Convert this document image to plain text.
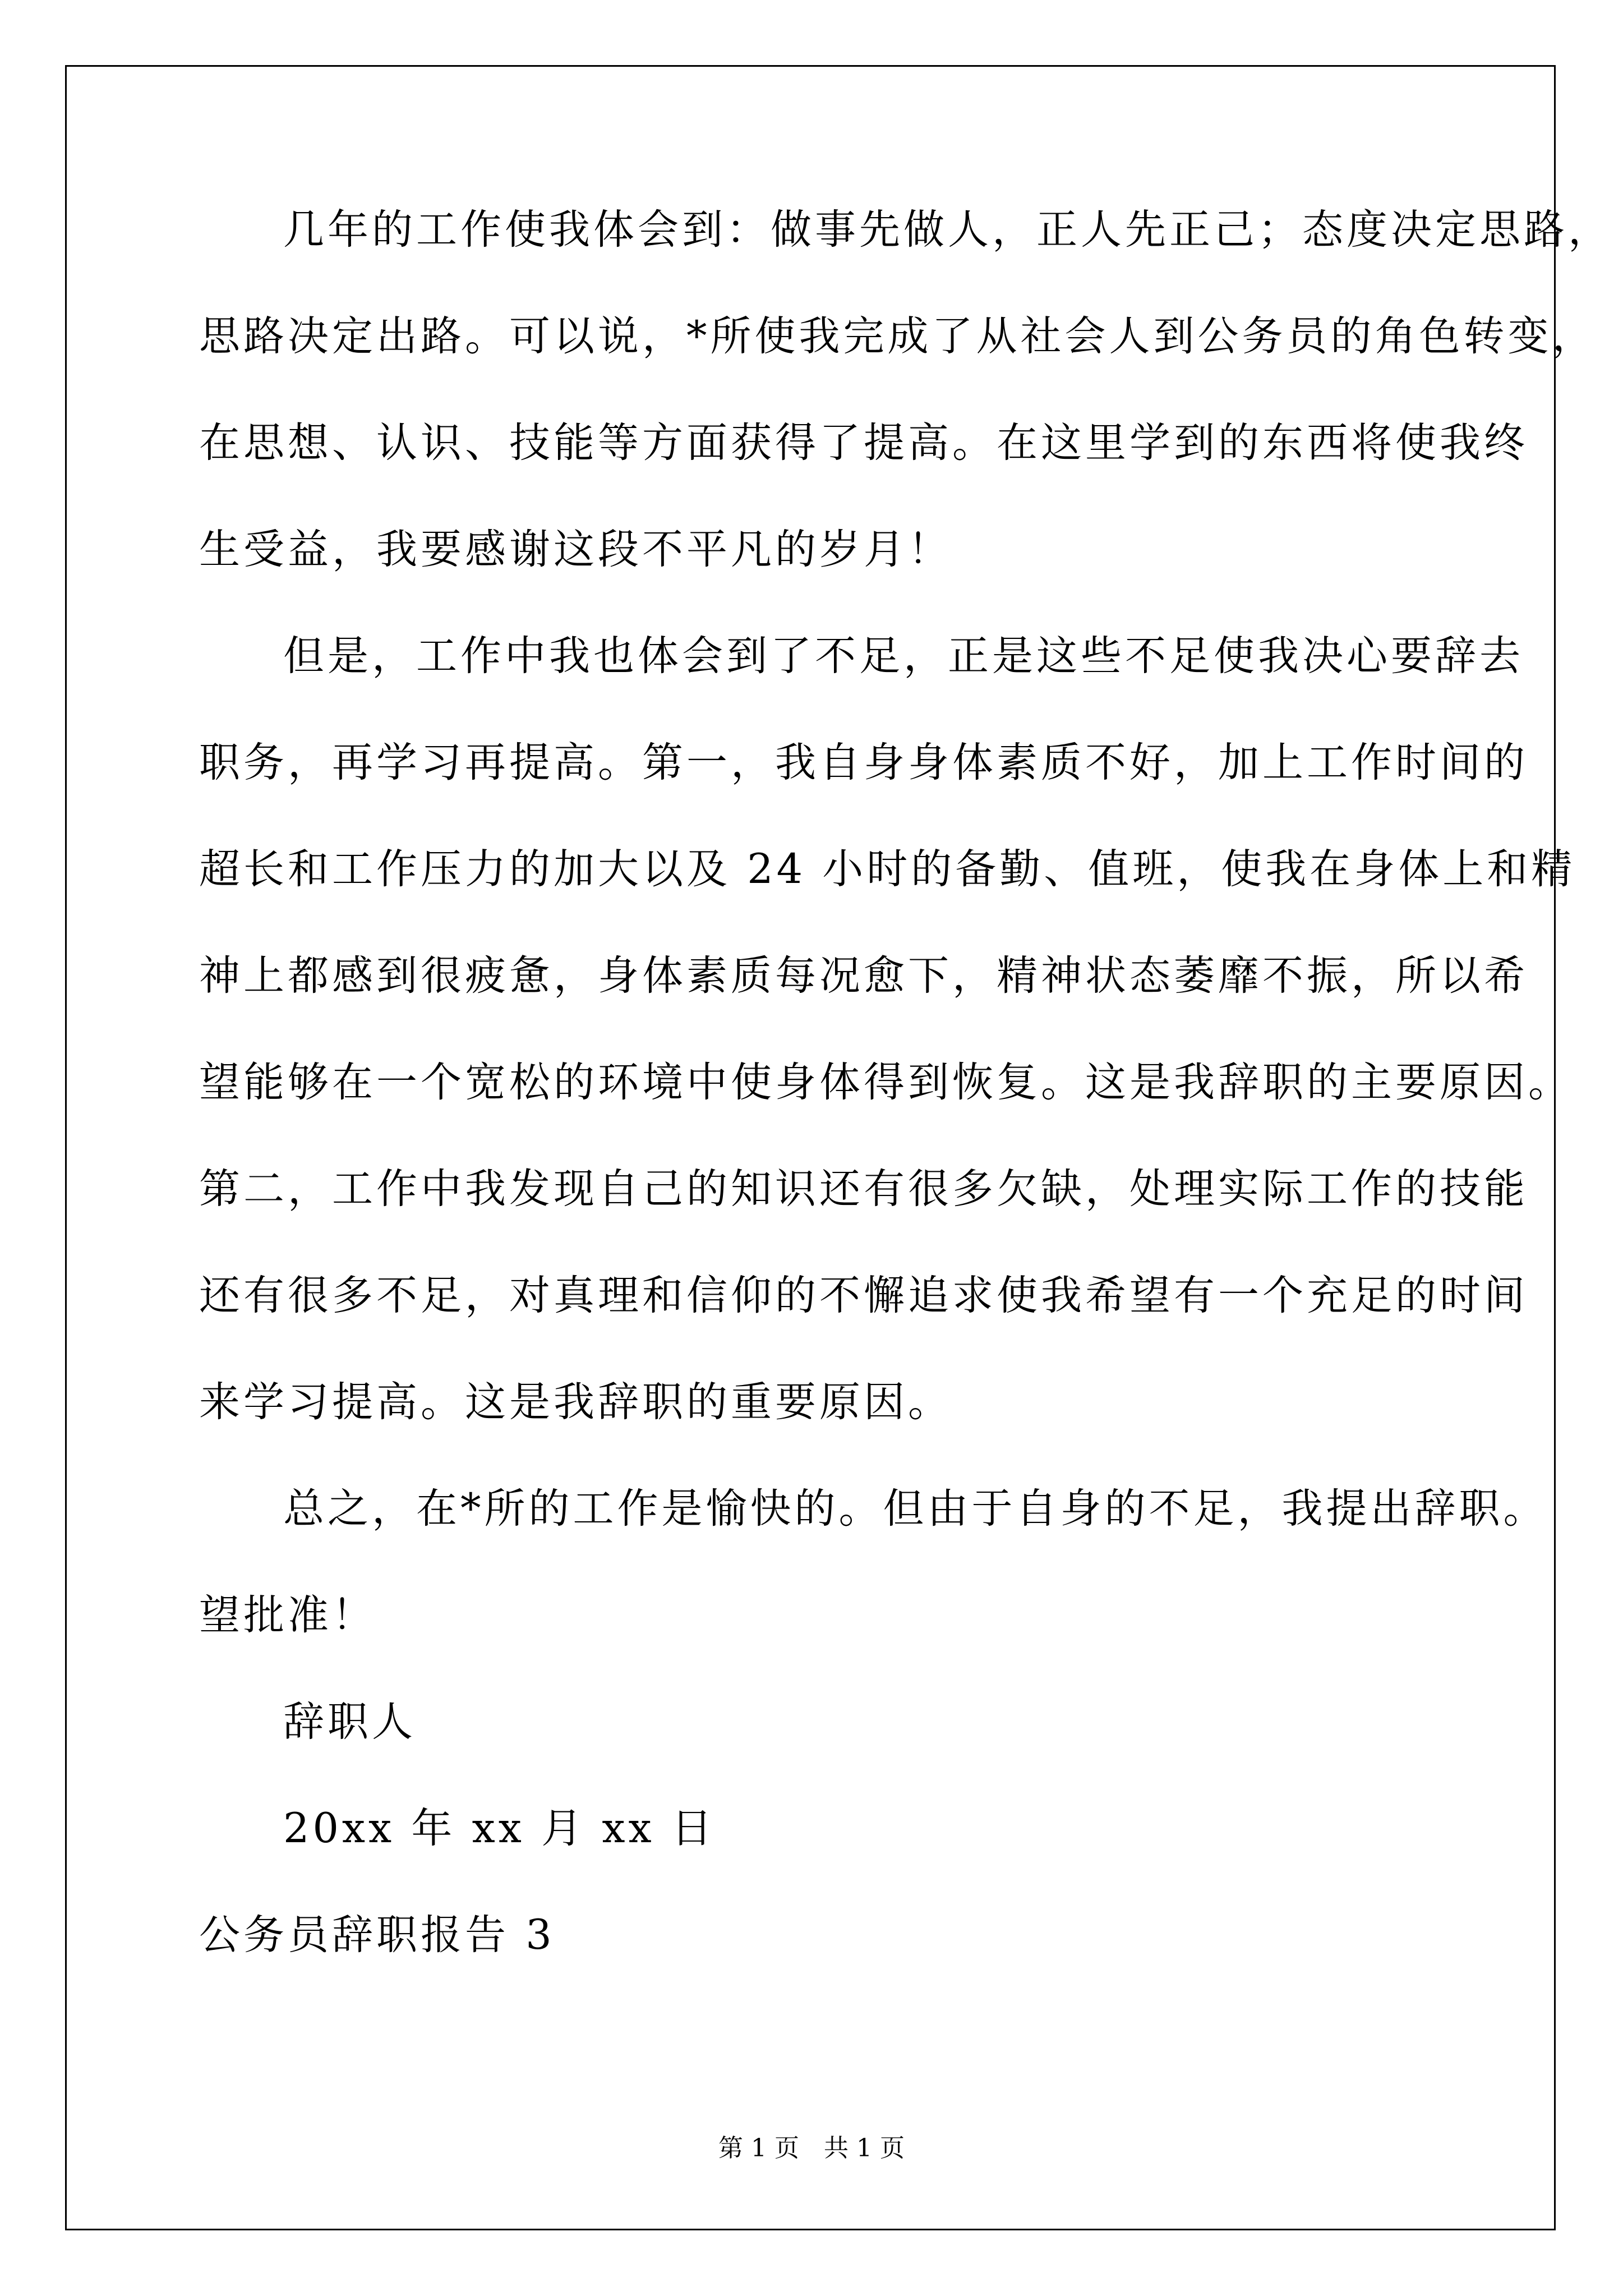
几年的工作使我体会到：做事先做人，正人先正己；态度决定思路，
思路决定出路。可以说，*所使我完成了从社会人到公务员的角色转变，
在思想、认识、技能等方面获得了提高。在这里学到的东西将使我终
生受益，我要感谢这段不平凡的岁月！
但是，工作中我也体会到了不足，正是这些不足使我决心要辞去
职务，再学习再提高。第一，我自身身体素质不好，加上工作时间的
超长和工作压力的加大以及 24 小时的备勤、值班，使我在身体上和精
神上都感到很疲惫，身体素质每况愈下，精神状态萎靡不振，所以希
望能够在一个宽松的环境中使身体得到恢复。这是我辞职的主要原因。
第二，工作中我发现自己的知识还有很多欠缺，处理实际工作的技能
还有很多不足，对真理和信仰的不懈追求使我希望有一个充足的时间
来学习提高。这是我辞职的重要原因。
总之，在*所的工作是愉快的。但由于自身的不足，我提出辞职。
望批准！
辞职人
20xx 年 xx 月 xx 日
公务员辞职报告 3
第 1 页　共 1 页
